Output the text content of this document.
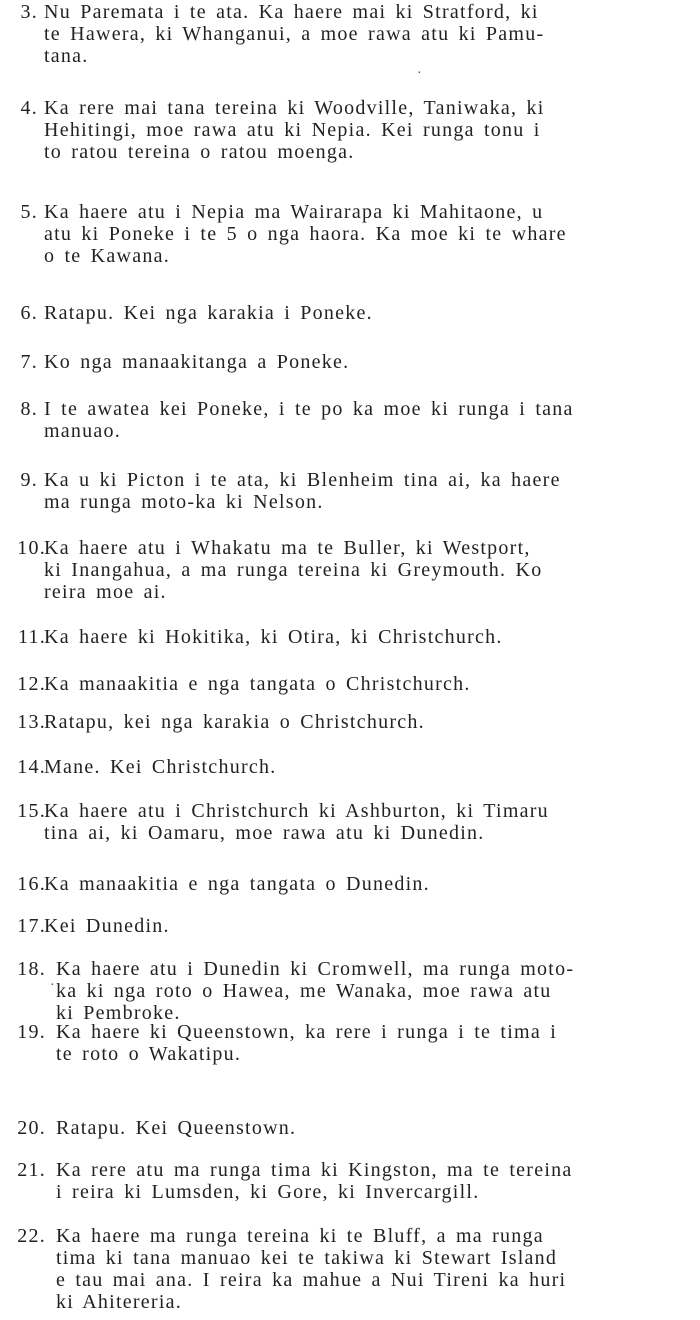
3. Nu Paremata i te ata. Ka haere mai ki Stratford, ki
te Hawera, ki Whanganui, a moe rawa atu ki Pamu-
tana.
4. Ka rere mai tana tereina ki Woodville, Taniwaka, ki
Hehitingi, moe rawa atu ki Nepia. Kei runga tonu i
to ratou tereina o ratou moenga.
5. Ka haere atu i Nepia ma Wairarapa ki Mahitaone, u
atu ki Poneke i te 5 o nga haora. Ka moe ki te whare
o te Kawana.
6. Ratapu. Kei nga karakia i Poneke.
7. Ko nga manaakitanga a Poneke.
8. I te awatea kei Poneke, i te po ka moe ki runga i tana
manuao.
9. Ka u ki Picton i te ata, ki Blenheim tina ai, ka haere
ma runga moto-ka ki Nelson.
10.
Ka haere atu i Whakatu ma te Buller, ki Westport,
ki Inangahua, a ma runga tereina ki Greymouth. Ko
reira moe ai.
11.
Ka haere ki Hokitika, ki Otira, ki Christchurch.
12.
Ka manaakitia e nga tangata o Christchurch.
13.
Ratapu, kei nga karakia o Christchurch.
14.
Mane. Kei Christchurch.
15.
Ka haere atu i Christchurch ki Ashburton, ki Timaru
tina ai, ki Oamaru, moe rawa atu ki Dunedin.
16.
Ka manaakitia e nga tangata o Dunedin.
17.
Kei Dunedin.
18. Ka haere atu i Dunedin ki Cromwell, ma runga moto-
ka ki nga roto o Hawea, me Wanaka, moe rawa atu
ki Pembroke.
19. Ka haere ki Queenstown, ka rere i runga i te tima i
te roto o Wakatipu.
20. Ratapu. Kei Queenstown.
21. Ka rere atu ma runga tima ki Kingston, ma te tereina
i reira ki Lumsden, ki Gore, ki Invercargill.
22. Ka haere ma runga tereina ki te Bluff, a ma runga
tima ki tana manuao kei te takiwa ki Stewart Island
e tau mai ana. I reira ka mahue a Nui Tireni ka huri
ki Ahitereria.
·
·
